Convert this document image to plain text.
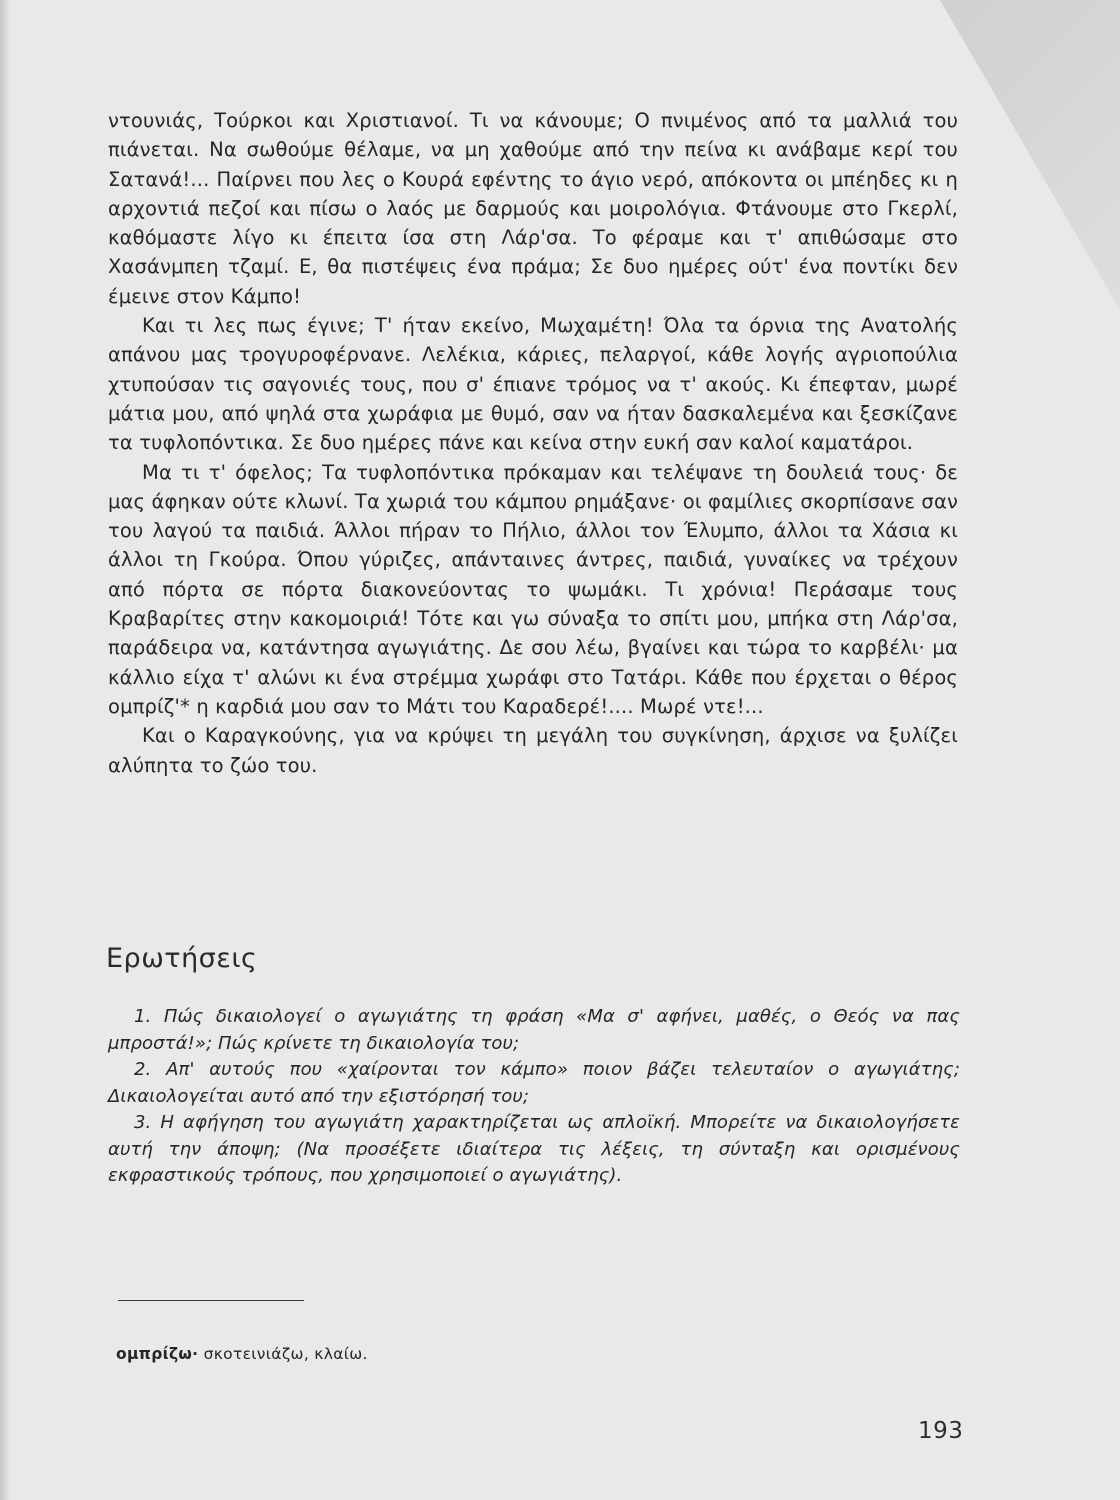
ντουνιάς, Τούρκοι και Χριστιανοί. Τι να κάνουμε; Ο πνιμένος από τα μαλλιά του πιάνεται. Να σωθούμε θέλαμε, να μη χαθούμε από την πείνα κι ανάβαμε κερί του Σατανά!... Παίρνει που λες ο Κουρά εφέντης το άγιο νερό, απόκοντα οι μπέηδες κι η αρχοντιά πεζοί και πίσω ο λαός με δαρμούς και μοιρολόγια. Φτάνουμε στο Γκερλί, καθόμαστε λίγο κι έπειτα ίσα στη Λάρ'σα. Το φέραμε και τ' απιθώσαμε στο Χασάνμπεη τζαμί. Ε, θα πιστέψεις ένα πράμα; Σε δυο ημέρες ούτ' ένα ποντίκι δεν έμεινε στον Κάμπο!

Και τι λες πως έγινε; Τ' ήταν εκείνο, Μωχαμέτη! Όλα τα όρνια της Ανατολής απάνου μας τρογυροφέρνανε. Λελέκια, κάριες, πελαργοί, κάθε λογής αγριοπούλια χτυπούσαν τις σαγονιές τους, που σ' έπιανε τρόμος να τ' ακούς. Κι έπεφταν, μωρέ μάτια μου, από ψηλά στα χωράφια με θυμό, σαν να ήταν δασκαλεμένα και ξεσκίζανε τα τυφλοπόντικα. Σε δυο ημέρες πάνε και κείνα στην ευκή σαν καλοί καματάροι.

Μα τι τ' όφελος; Τα τυφλοπόντικα πρόκαμαν και τελέψανε τη δουλειά τους· δε μας άφηκαν ούτε κλωνί. Τα χωριά του κάμπου ρημάξανε· οι φαμίλιες σκορπίσανε σαν του λαγού τα παιδιά. Άλλοι πήραν το Πήλιο, άλλοι τον Έλυμπο, άλλοι τα Χάσια κι άλλοι τη Γκούρα. Όπου γύριζες, απάνταινες άντρες, παιδιά, γυναίκες να τρέχουν από πόρτα σε πόρτα διακονεύοντας το ψωμάκι. Τι χρόνια! Περάσαμε τους Κραβαρίτες στην κακομοιριά! Τότε και γω σύναξα το σπίτι μου, μπήκα στη Λάρ'σα, παράδειρα να, κατάντησα αγωγιάτης. Δε σου λέω, βγαίνει και τώρα το καρβέλι· μα κάλλιο είχα τ' αλώνι κι ένα στρέμμα χωράφι στο Τατάρι. Κάθε που έρχεται ο θέρος ομπρίζ'* η καρδιά μου σαν το Μάτι του Καραδερέ!.... Μωρέ ντε!...

Και ο Καραγκούνης, για να κρύψει τη μεγάλη του συγκίνηση, άρχισε να ξυλίζει αλύπητα το ζώο του.

Ερωτήσεις

1. Πώς δικαιολογεί ο αγωγιάτης τη φράση «Μα σ' αφήνει, μαθές, ο Θεός να πας μπροστά!»; Πώς κρίνετε τη δικαιολογία του;

2. Απ' αυτούς που «χαίρονται τον κάμπο» ποιον βάζει τελευταίον ο αγωγιάτης; Δικαιολογείται αυτό από την εξιστόρησή του;

3. Η αφήγηση του αγωγιάτη χαρακτηρίζεται ως απλοϊκή. Μπορείτε να δικαιολογήσετε αυτή την άποψη; (Να προσέξετε ιδιαίτερα τις λέξεις, τη σύνταξη και ορισμένους εκφραστικούς τρόπους, που χρησιμοποιεί ο αγωγιάτης).

ομπρίζω· σκοτεινιάζω, κλαίω.
193
